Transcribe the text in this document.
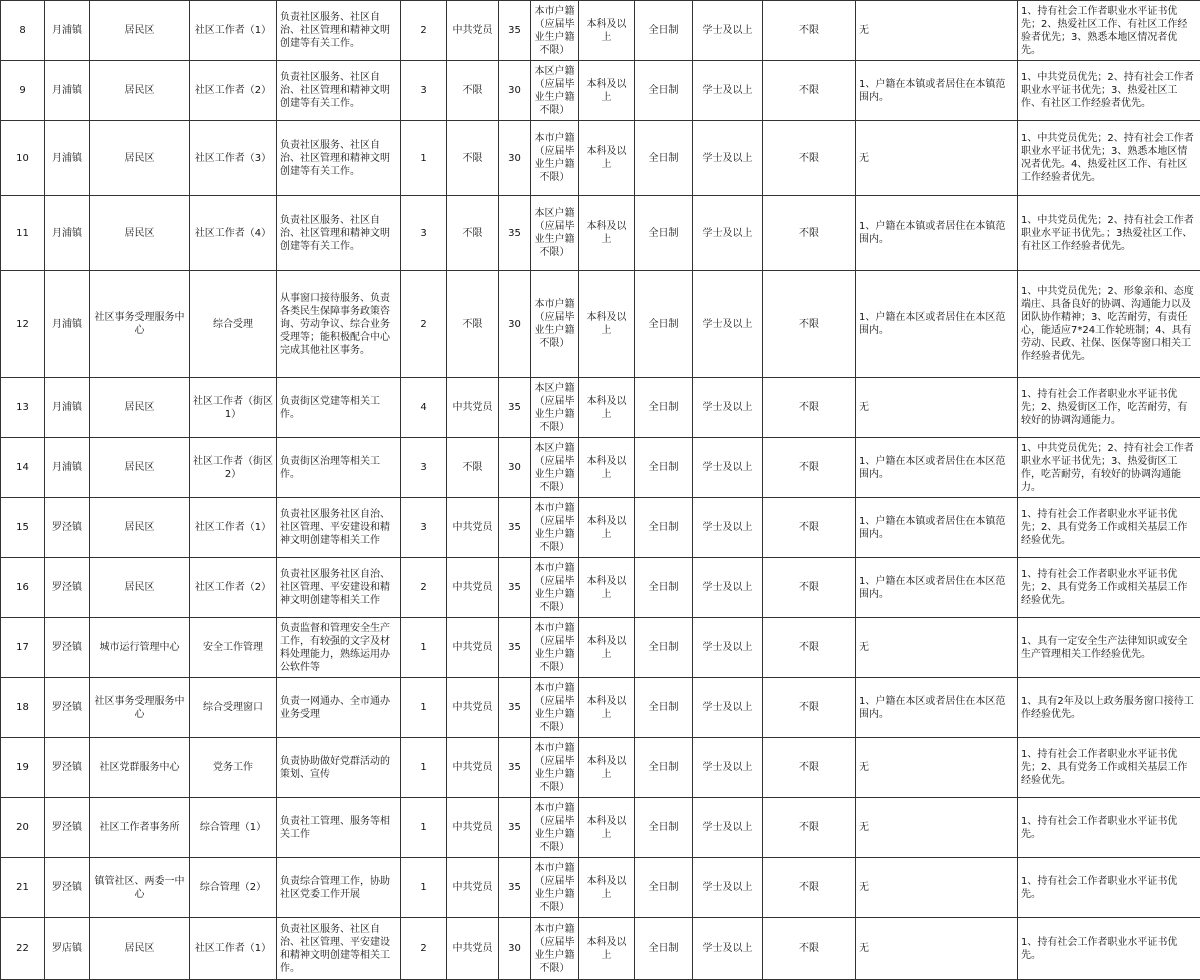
8	月浦镇	居民区	社区工作者（1）	负责社区服务、社区自治、社区管理和精神文明创建等有关工作。	2	中共党员	35	本市户籍（应届毕业生户籍不限）	本科及以上	全日制	学士及以上	不限	无	1、持有社会工作者职业水平证书优先；2、热爱社区工作、有社区工作经验者优先；3、熟悉本地区情况者优先。
9	月浦镇	居民区	社区工作者（2）	负责社区服务、社区自治、社区管理和精神文明创建等有关工作。	3	不限	30	本区户籍（应届毕业生户籍不限）	本科及以上	全日制	学士及以上	不限	1、户籍在本镇或者居住在本镇范围内。	1、中共党员优先；2、持有社会工作者职业水平证书优先；3、热爱社区工作、有社区工作经验者优先。
10	月浦镇	居民区	社区工作者（3）	负责社区服务、社区自治、社区管理和精神文明创建等有关工作。	1	不限	30	本市户籍（应届毕业生户籍不限）	本科及以上	全日制	学士及以上	不限	无	1、中共党员优先；2、持有社会工作者职业水平证书优先；3、熟悉本地区情况者优先。4、热爱社区工作、有社区工作经验者优先。
11	月浦镇	居民区	社区工作者（4）	负责社区服务、社区自治、社区管理和精神文明创建等有关工作。	3	不限	35	本区户籍（应届毕业生户籍不限）	本科及以上	全日制	学士及以上	不限	1、户籍在本镇或者居住在本镇范围内。	1、中共党员优先；2、持有社会工作者职业水平证书优先。；3热爱社区工作、有社区工作经验者优先。
12	月浦镇	社区事务受理服务中心	综合受理	从事窗口接待服务、负责各类民生保障事务政策咨询、劳动争议、综合业务受理等；能积极配合中心完成其他社区事务。	2	不限	30	本市户籍（应届毕业生户籍不限）	本科及以上	全日制	学士及以上	不限	1、户籍在本区或者居住在本区范围内。	1、中共党员优先；2、形象亲和、态度端庄、具备良好的协调、沟通能力以及团队协作精神；3、吃苦耐劳，有责任心，能适应7*24工作轮班制；4、具有劳动、民政、社保、医保等窗口相关工作经验者优先。
13	月浦镇	居民区	社区工作者（街区1）	负责街区党建等相关工作。	4	中共党员	35	本区户籍（应届毕业生户籍不限）	本科及以上	全日制	学士及以上	不限	无	1、持有社会工作者职业水平证书优先；2、热爱街区工作，吃苦耐劳，有较好的协调沟通能力。
14	月浦镇	居民区	社区工作者（街区2）	负责街区治理等相关工作。	3	不限	30	本区户籍（应届毕业生户籍不限）	本科及以上	全日制	学士及以上	不限	1、户籍在本区或者居住在本区范围内。	1、中共党员优先；2、持有社会工作者职业水平证书优先；3、热爱街区工作，吃苦耐劳，有较好的协调沟通能力。
15	罗泾镇	居民区	社区工作者（1）	负责社区服务社区自治、社区管理、平安建设和精神文明创建等相关工作	3	中共党员	35	本市户籍（应届毕业生户籍不限）	本科及以上	全日制	学士及以上	不限	1、户籍在本镇或者居住在本镇范围内。	1、持有社会工作者职业水平证书优先；2、具有党务工作或相关基层工作经验优先。
16	罗泾镇	居民区	社区工作者（2）	负责社区服务社区自治、社区管理、平安建设和精神文明创建等相关工作	2	中共党员	35	本市户籍（应届毕业生户籍不限）	本科及以上	全日制	学士及以上	不限	1、户籍在本区或者居住在本区范围内。	1、持有社会工作者职业水平证书优先；2、具有党务工作或相关基层工作经验优先。
17	罗泾镇	城市运行管理中心	安全工作管理	负责监督和管理安全生产工作，有较强的文字及材料处理能力，熟练运用办公软件等	1	中共党员	35	本市户籍（应届毕业生户籍不限）	本科及以上	全日制	学士及以上	不限	无	1、具有一定安全生产法律知识或安全生产管理相关工作经验优先。
18	罗泾镇	社区事务受理服务中心	综合受理窗口	负责一网通办、全市通办业务受理	1	中共党员	35	本市户籍（应届毕业生户籍不限）	本科及以上	全日制	学士及以上	不限	1、户籍在本区或者居住在本区范围内。	1、具有2年及以上政务服务窗口接待工作经验优先。
19	罗泾镇	社区党群服务中心	党务工作	负责协助做好党群活动的策划、宣传	1	中共党员	35	本市户籍（应届毕业生户籍不限）	本科及以上	全日制	学士及以上	不限	无	1、持有社会工作者职业水平证书优先；2、具有党务工作或相关基层工作经验优先。
20	罗泾镇	社区工作者事务所	综合管理（1）	负责社工管理、服务等相关工作	1	中共党员	35	本市户籍（应届毕业生户籍不限）	本科及以上	全日制	学士及以上	不限	无	1、持有社会工作者职业水平证书优先。
21	罗泾镇	镇管社区、两委一中心	综合管理（2）	负责综合管理工作，协助社区党委工作开展	1	中共党员	35	本市户籍（应届毕业生户籍不限）	本科及以上	全日制	学士及以上	不限	无	1、持有社会工作者职业水平证书优先。
22	罗店镇	居民区	社区工作者（1）	负责社区服务、社区自治、社区管理、平安建设和精神文明创建等相关工作。	2	中共党员	30	本市户籍（应届毕业生户籍不限）	本科及以上	全日制	学士及以上	不限	无	1、持有社会工作者职业水平证书优先。
